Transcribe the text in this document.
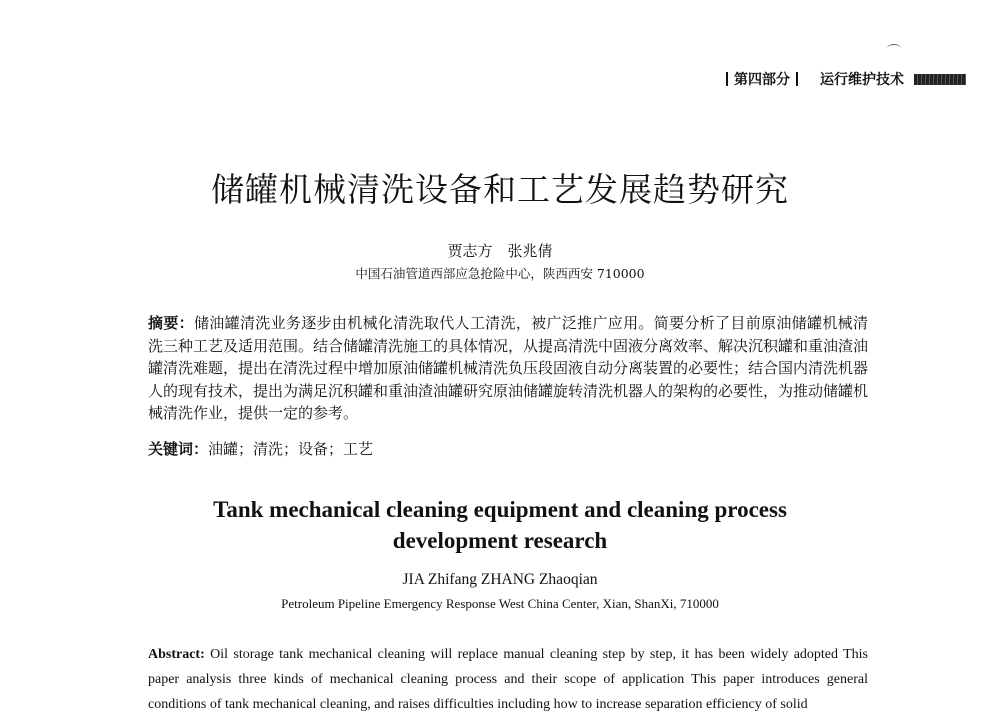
第四部分 运行维护技术
储罐机械清洗设备和工艺发展趋势研究
贾志方　张兆倩
中国石油管道西部应急抢险中心，陕西西安 710000
摘要：储油罐清洗业务逐步由机械化清洗取代人工清洗，被广泛推广应用。简要分析了目前原油储罐机械清洗三种工艺及适用范围。结合储罐清洗施工的具体情况，从提高清洗中固液分离效率、解决沉积罐和重油渣油罐清洗难题，提出在清洗过程中增加原油储罐机械清洗负压段固液自动分离装置的必要性；结合国内清洗机器人的现有技术，提出为满足沉积罐和重油渣油罐研究原油储罐旋转清洗机器人的架构的必要性，为推动储罐机械清洗作业，提供一定的参考。
关键词：油罐；清洗；设备；工艺
Tank mechanical cleaning equipment and cleaning process
development research
JIA Zhifang ZHANG Zhaoqian
Petroleum Pipeline Emergency Response West China Center, Xian, ShanXi, 710000
Abstract: Oil storage tank mechanical cleaning will replace manual cleaning step by step, it has been widely adopted This paper analysis three kinds of mechanical cleaning process and their scope of application This paper introduces general conditions of tank mechanical cleaning, and raises difficulties including how to increase separation efficiency of solid
